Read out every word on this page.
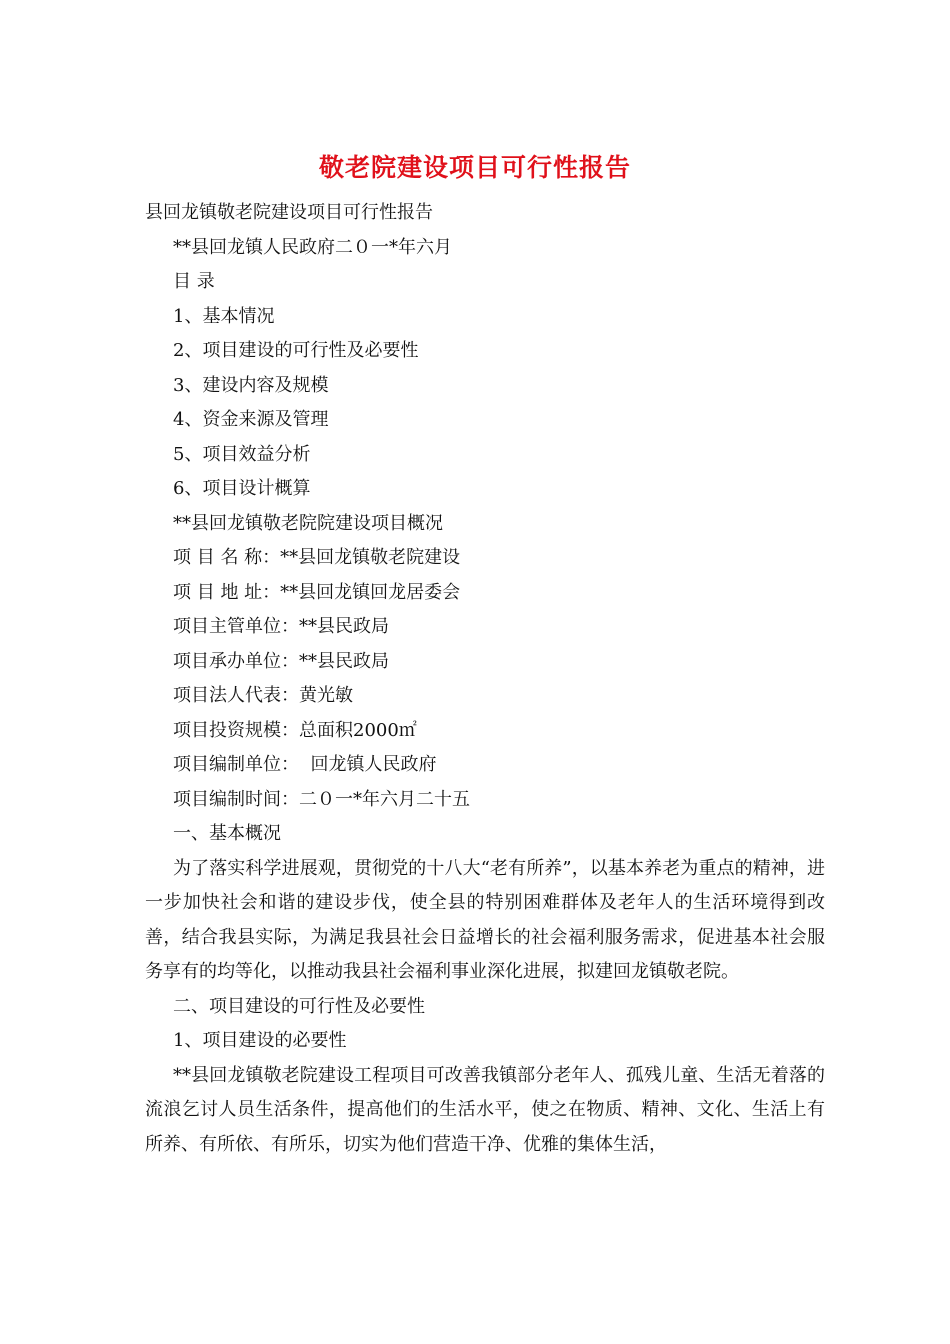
敬老院建设项目可行性报告
县回龙镇敬老院建设项目可行性报告
**县回龙镇人民政府二０一*年六月
目 录
1、基本情况
2、项目建设的可行性及必要性
3、建设内容及规模
4、资金来源及管理
5、项目效益分析
6、项目设计概算
**县回龙镇敬老院院建设项目概况
项 目 名 称：**县回龙镇敬老院建设
项 目 地 址：**县回龙镇回龙居委会
项目主管单位：**县民政局
项目承办单位：**县民政局
项目法人代表：黄光敏
项目投资规模：总面积2000㎡
项目编制单位：  回龙镇人民政府
项目编制时间：二０一*年六月二十五
一、基本概况
为了落实科学进展观，贯彻党的十八大“老有所养”，以基本养老为重点的精神，进一步加快社会和谐的建设步伐，使全县的特别困难群体及老年人的生活环境得到改善，结合我县实际，为满足我县社会日益增长的社会福利服务需求，促进基本社会服务享有的均等化，以推动我县社会福利事业深化进展，拟建回龙镇敬老院。
二、项目建设的可行性及必要性
1、项目建设的必要性
**县回龙镇敬老院建设工程项目可改善我镇部分老年人、孤残儿童、生活无着落的流浪乞讨人员生活条件，提高他们的生活水平，使之在物质、精神、文化、生活上有所养、有所依、有所乐，切实为他们营造干净、优雅的集体生活，
